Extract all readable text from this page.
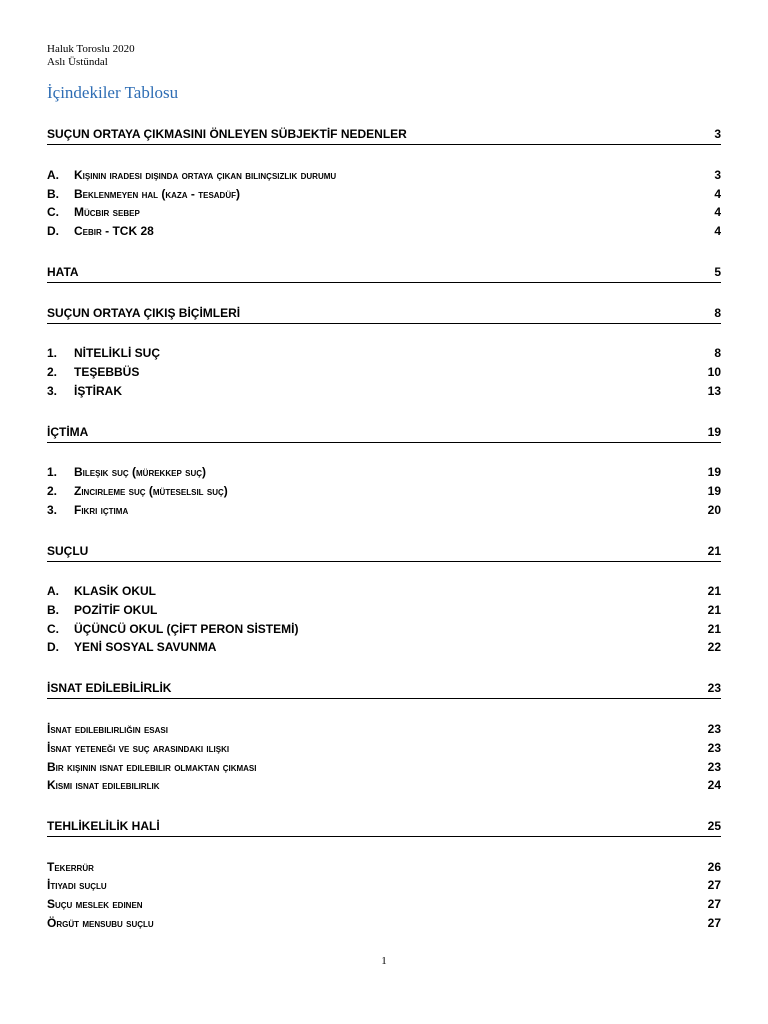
Haluk Toroslu 2020
Aslı Üstündal
İçindekiler Tablosu
SUÇUN ORTAYA ÇIKMASINI ÖNLEYEN SÜBJEKTİF NEDENLER	3
A.	Kişinin iradesi dışında ortaya çıkan bilinçsizlik durumu	3
B.	Beklenmeyen hal (kaza - tesadüf)	4
C.	Mücbir sebep	4
D.	Cebir - TCK 28	4
HATA	5
SUÇUN ORTAYA ÇIKIŞ BİÇİMLERİ	8
1.	NİTELİKLİ SUÇ	8
2.	TEŞEBBÜS	10
3.	İŞTİRAK	13
İÇTİMA	19
1.	Bileşik suç (mürekkep suç)	19
2.	Zincirleme suç (müteselsil suç)	19
3.	Fikri içtima	20
SUÇLU	21
A.	KLASİK OKUL	21
B.	POZİTİF OKUL	21
C.	ÜÇÜNCÜ OKUL (ÇİFT PERON SİSTEMİ)	21
D.	YENİ SOSYAL SAVUNMA	22
İSNAT EDİLEBİLİRLİK	23
İsnat edilebilirliğin esası	23
İsnat yeteneği ve suç arasındaki ilişki	23
Bir kişinin isnat edilebilir olmaktan çıkması	23
Kısmi isnat edilebilirlik	24
TEHLİKELİLİK HALİ	25
Tekerrür	26
İtiyadi suçlu	27
Suçu meslek edinen	27
Örgüt mensubu suçlu	27
1
